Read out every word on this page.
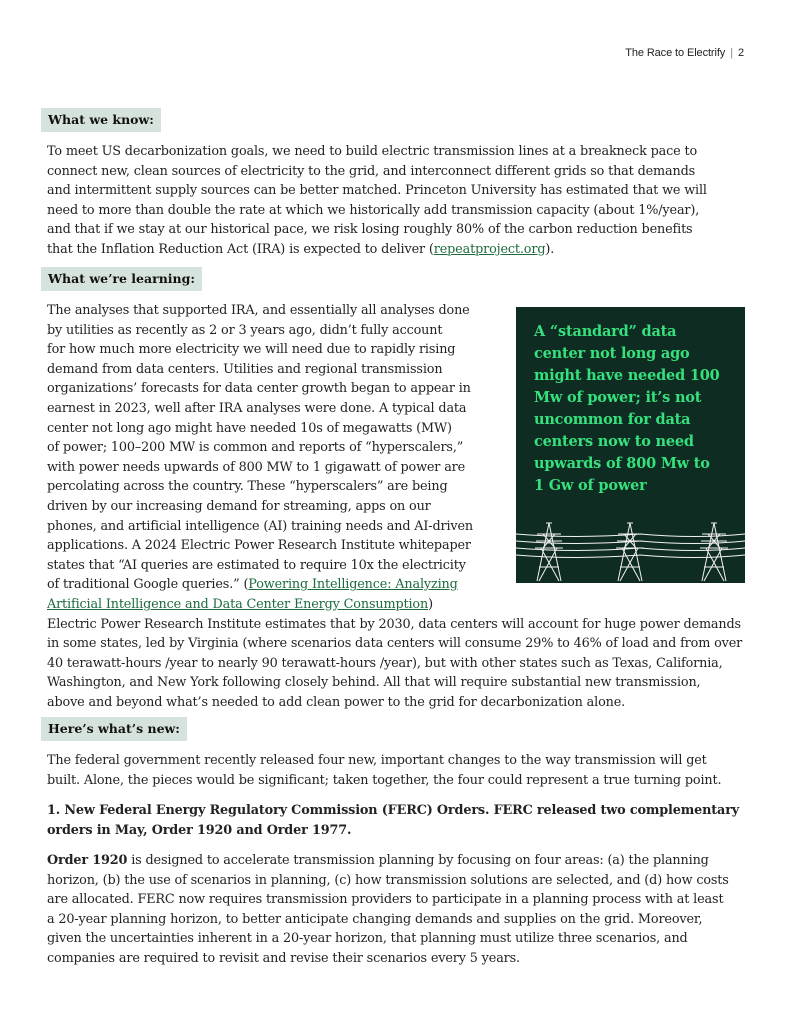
The Race to Electrify | 2
What we know:
To meet US decarbonization goals, we need to build electric transmission lines at a breakneck pace to
connect new, clean sources of electricity to the grid, and interconnect different grids so that demands
and intermittent supply sources can be better matched. Princeton University has estimated that we will
need to more than double the rate at which we historically add transmission capacity (about 1%/year),
and that if we stay at our historical pace, we risk losing roughly 80% of the carbon reduction benefits
that the Inflation Reduction Act (IRA) is expected to deliver (repeatproject.org).
What we’re learning:
The analyses that supported IRA, and essentially all analyses done
by utilities as recently as 2 or 3 years ago, didn’t fully account
for how much more electricity we will need due to rapidly rising
demand from data centers. Utilities and regional transmission
organizations’ forecasts for data center growth began to appear in
earnest in 2023, well after IRA analyses were done. A typical data
center not long ago might have needed 10s of megawatts (MW)
of power; 100–200 MW is common and reports of “hyperscalers,”
with power needs upwards of 800 MW to 1 gigawatt of power are
percolating across the country. These “hyperscalers” are being
driven by our increasing demand for streaming, apps on our
phones, and artificial intelligence (AI) training needs and AI-driven
applications. A 2024 Electric Power Research Institute whitepaper
states that “AI queries are estimated to require 10x the electricity
of traditional Google queries.” (Powering Intelligence: Analyzing
Artificial Intelligence and Data Center Energy Consumption)
Electric Power Research Institute estimates that by 2030, data centers will account for huge power demands
in some states, led by Virginia (where scenarios data centers will consume 29% to 46% of load and from over
40 terawatt-hours /year to nearly 90 terawatt-hours /year), but with other states such as Texas, California,
Washington, and New York following closely behind. All that will require substantial new transmission,
above and beyond what’s needed to add clean power to the grid for decarbonization alone.
A “standard” data
center not long ago
might have needed 100
Mw of power; it’s not
uncommon for data
centers now to need
upwards of 800 Mw to
1 Gw of power
Here’s what’s new:
The federal government recently released four new, important changes to the way transmission will get
built. Alone, the pieces would be significant; taken together, the four could represent a true turning point.
1. New Federal Energy Regulatory Commission (FERC) Orders. FERC released two complementary
orders in May, Order 1920 and Order 1977.
Order 1920 is designed to accelerate transmission planning by focusing on four areas: (a) the planning
horizon, (b) the use of scenarios in planning, (c) how transmission solutions are selected, and (d) how costs
are allocated. FERC now requires transmission providers to participate in a planning process with at least
a 20-year planning horizon, to better anticipate changing demands and supplies on the grid. Moreover,
given the uncertainties inherent in a 20-year horizon, that planning must utilize three scenarios, and
companies are required to revisit and revise their scenarios every 5 years.
